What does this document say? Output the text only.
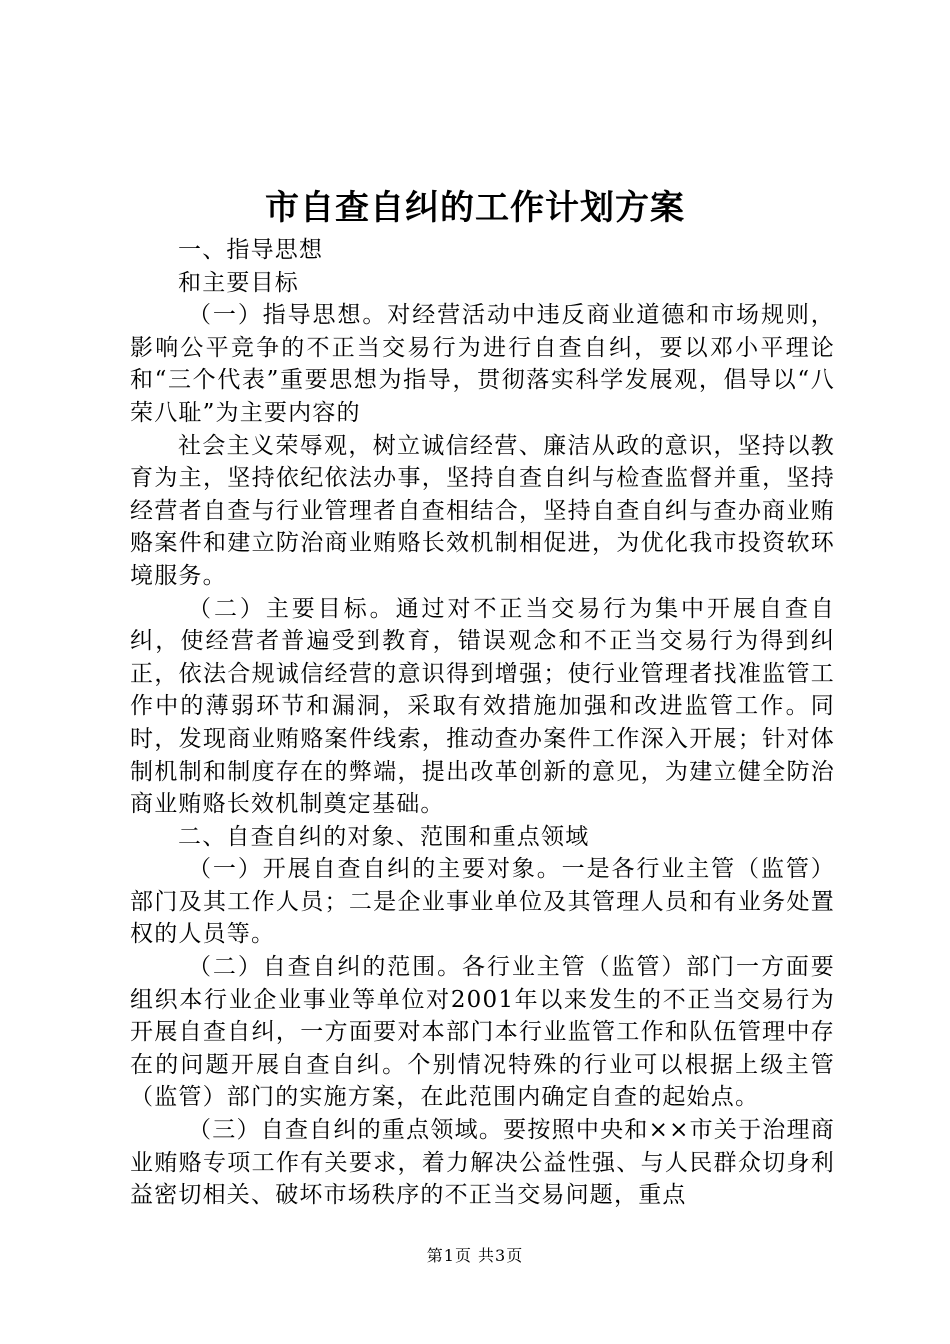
市自查自纠的工作计划方案

一、指导思想

和主要目标

（一）指导思想。对经营活动中违反商业道德和市场规则，影响公平竞争的不正当交易行为进行自查自纠，要以邓小平理论和“三个代表”重要思想为指导，贯彻落实科学发展观，倡导以“八荣八耻”为主要内容的

社会主义荣辱观，树立诚信经营、廉洁从政的意识，坚持以教育为主，坚持依纪依法办事，坚持自查自纠与检查监督并重，坚持经营者自查与行业管理者自查相结合，坚持自查自纠与查办商业贿赂案件和建立防治商业贿赂长效机制相促进，为优化我市投资软环境服务。

（二）主要目标。通过对不正当交易行为集中开展自查自纠，使经营者普遍受到教育，错误观念和不正当交易行为得到纠正，依法合规诚信经营的意识得到增强；使行业管理者找准监管工作中的薄弱环节和漏洞，采取有效措施加强和改进监管工作。同时，发现商业贿赂案件线索，推动查办案件工作深入开展；针对体制机制和制度存在的弊端，提出改革创新的意见，为建立健全防治商业贿赂长效机制奠定基础。

二、自查自纠的对象、范围和重点领域

（一）开展自查自纠的主要对象。一是各行业主管（监管）部门及其工作人员；二是企业事业单位及其管理人员和有业务处置权的人员等。

（二）自查自纠的范围。各行业主管（监管）部门一方面要组织本行业企业事业等单位对2001年以来发生的不正当交易行为开展自查自纠，一方面要对本部门本行业监管工作和队伍管理中存在的问题开展自查自纠。个别情况特殊的行业可以根据上级主管（监管）部门的实施方案，在此范围内确定自查的起始点。

（三）自查自纠的重点领域。要按照中央和××市关于治理商业贿赂专项工作有关要求，着力解决公益性强、与人民群众切身利益密切相关、破坏市场秩序的不正当交易问题，重点

第1页 共3页
